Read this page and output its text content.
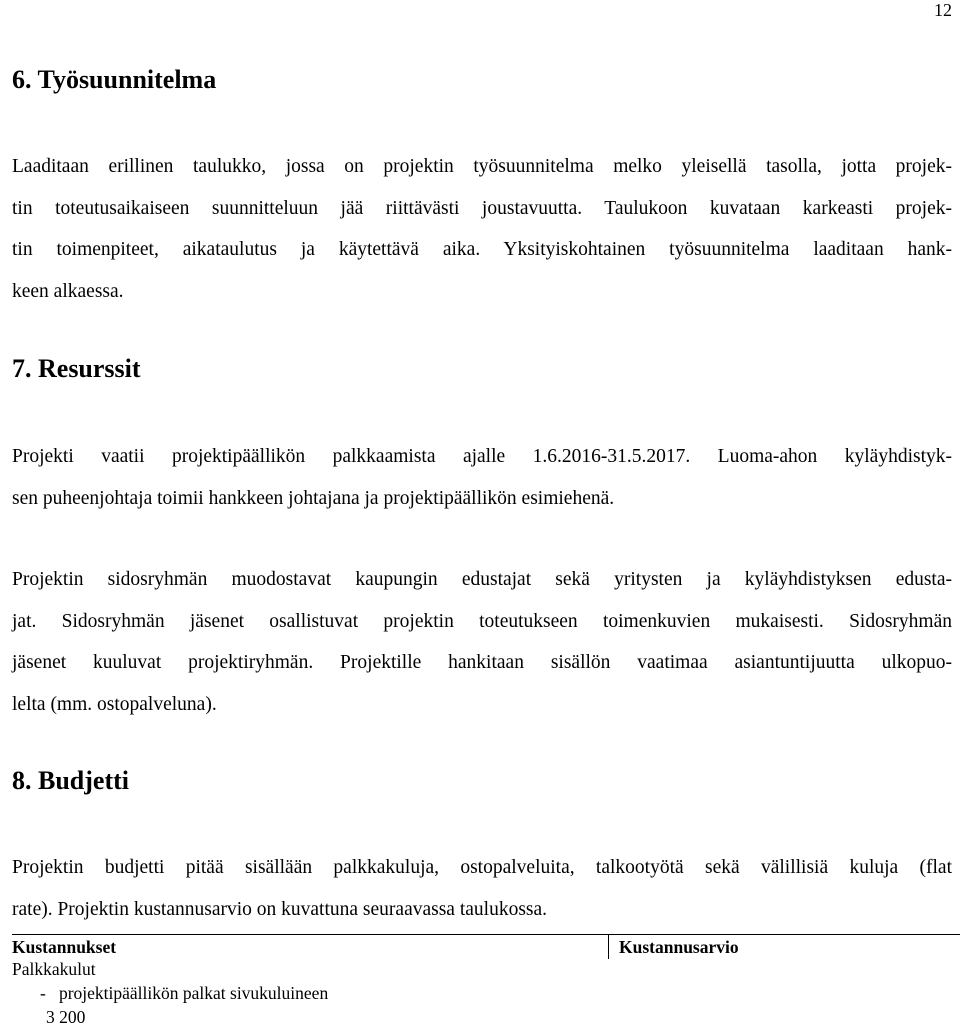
12
6. Työsuunnitelma
Laaditaan erillinen taulukko, jossa on projektin työsuunnitelma melko yleisellä tasolla, jotta projek-
tin toteutusaikaiseen suunnitteluun jää riittävästi joustavuutta. Taulukoon kuvataan karkeasti projek-
tin toimenpiteet, aikataulutus ja käytettävä aika. Yksityiskohtainen työsuunnitelma laaditaan hank-
keen alkaessa.
7. Resurssit
Projekti vaatii projektipäällikön palkkaamista ajalle 1.6.2016-31.5.2017. Luoma-ahon kyläyhdistyk-
sen puheenjohtaja toimii hankkeen johtajana ja projektipäällikön esimiehenä.
Projektin sidosryhmän muodostavat kaupungin edustajat sekä yritysten ja kyläyhdistyksen edusta-
jat. Sidosryhmän jäsenet osallistuvat projektin toteutukseen toimenkuvien mukaisesti. Sidosryhmän
jäsenet kuuluvat projektiryhmän. Projektille hankitaan sisällön vaatimaa asiantuntijuutta ulkopuo-
lelta (mm. ostopalveluna).
8. Budjetti
Projektin budjetti pitää sisällään palkkakuluja, ostopalveluita, talkootyötä sekä välillisiä kuluja (flat
rate). Projektin kustannusarvio on kuvattuna seuraavassa taulukossa.
Kustannukset	Kustannusarvio
Palkkakulut
-   projektipäällikön palkat sivukuluineen
3 200
